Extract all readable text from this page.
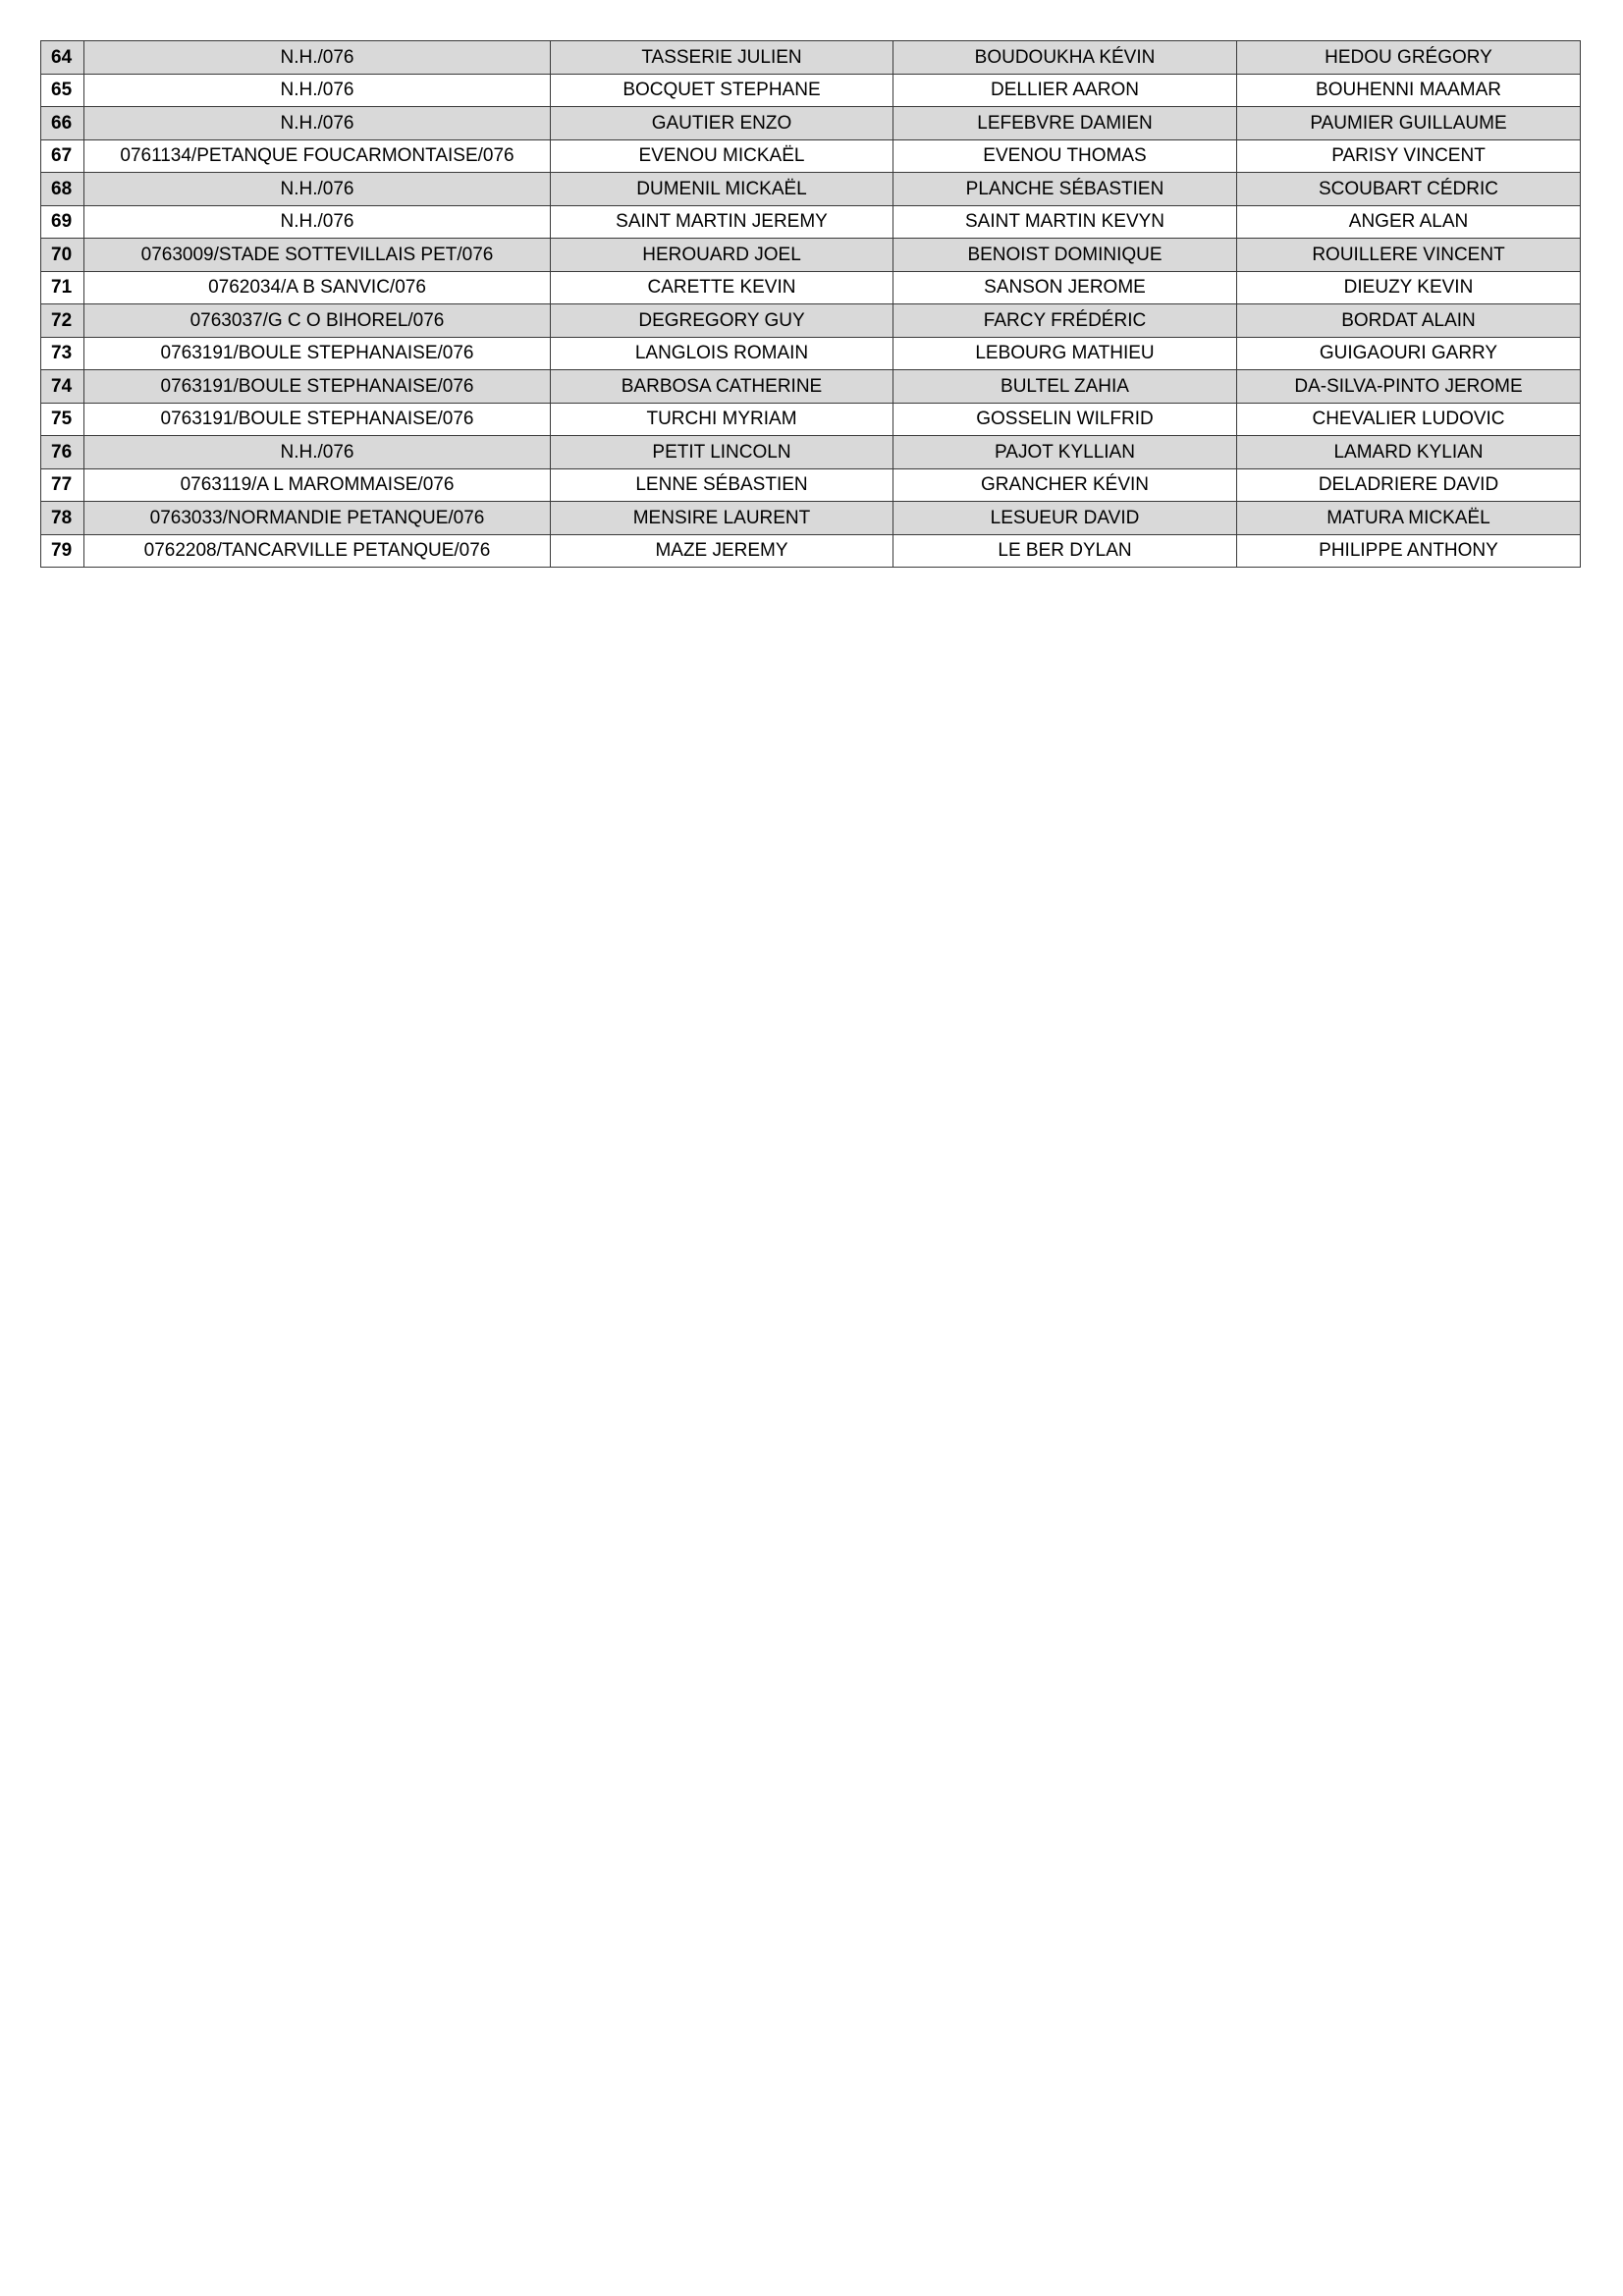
64	N.H./076	TASSERIE JULIEN	BOUDOUKHA KÉVIN	HEDOU GRÉGORY
65	N.H./076	BOCQUET STEPHANE	DELLIER AARON	BOUHENNI MAAMAR
66	N.H./076	GAUTIER ENZO	LEFEBVRE DAMIEN	PAUMIER GUILLAUME
67	0761134/PETANQUE FOUCARMONTAISE/076	EVENOU MICKAËL	EVENOU THOMAS	PARISY VINCENT
68	N.H./076	DUMENIL MICKAËL	PLANCHE SÉBASTIEN	SCOUBART CÉDRIC
69	N.H./076	SAINT MARTIN JEREMY	SAINT MARTIN KEVYN	ANGER ALAN
70	0763009/STADE SOTTEVILLAIS PET/076	HEROUARD JOEL	BENOIST DOMINIQUE	ROUILLERE VINCENT
71	0762034/A B SANVIC/076	CARETTE KEVIN	SANSON JEROME	DIEUZY KEVIN
72	0763037/G C O BIHOREL/076	DEGREGORY GUY	FARCY FRÉDÉRIC	BORDAT ALAIN
73	0763191/BOULE STEPHANAISE/076	LANGLOIS ROMAIN	LEBOURG MATHIEU	GUIGAOURI GARRY
74	0763191/BOULE STEPHANAISE/076	BARBOSA CATHERINE	BULTEL ZAHIA	DA-SILVA-PINTO JEROME
75	0763191/BOULE STEPHANAISE/076	TURCHI MYRIAM	GOSSELIN WILFRID	CHEVALIER LUDOVIC
76	N.H./076	PETIT LINCOLN	PAJOT KYLLIAN	LAMARD KYLIAN
77	0763119/A L MAROMMAISE/076	LENNE SÉBASTIEN	GRANCHER KÉVIN	DELADRIERE DAVID
78	0763033/NORMANDIE PETANQUE/076	MENSIRE LAURENT	LESUEUR DAVID	MATURA MICKAËL
79	0762208/TANCARVILLE PETANQUE/076	MAZE JEREMY	LE BER DYLAN	PHILIPPE ANTHONY
